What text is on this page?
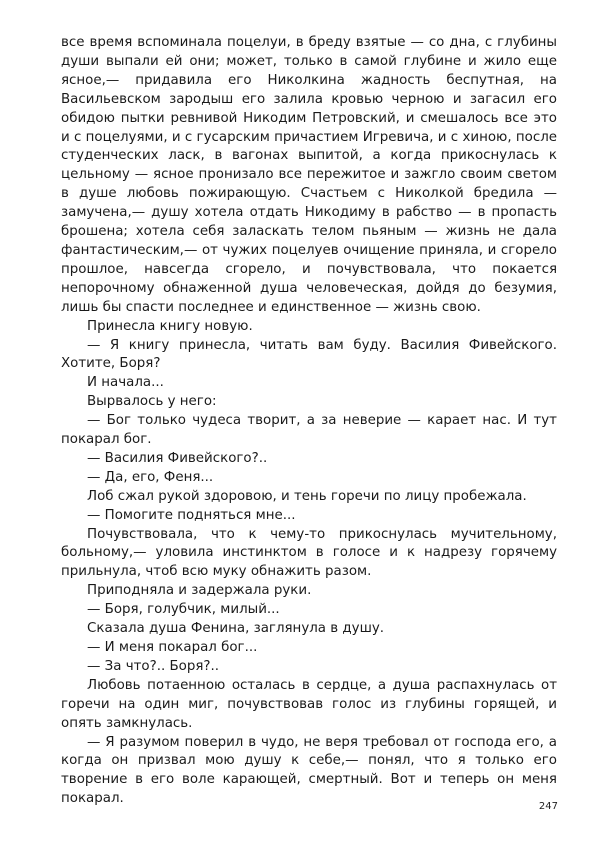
все время вспоминала поцелуи, в бреду взятые — со дна, с глубины души выпали ей они; может, только в самой глубине и жило еще ясное,— придавила его Николкина жадность беспутная, на Васильевском зародыш его залила кровью черною и загасил его обидою пытки ревнивой Никодим Петровский, и смешалось все это и с поцелуями, и с гусарским причастием Игревича, и с хиною, после студенческих ласк, в вагонах выпитой, а когда прикоснулась к цельному — ясное пронизало все пережитое и зажгло своим светом в душе любовь пожирающую. Счастьем с Николкой бредила — замучена,— душу хотела отдать Никодиму в рабство — в пропасть брошена; хотела себя заласкать телом пьяным — жизнь не дала фантастическим,— от чужих поцелуев очищение приняла, и сгорело прошлое, навсегда сгорело, и почувствовала, что покается непорочному обнаженной душа человеческая, дойдя до безумия, лишь бы спасти последнее и единственное — жизнь свою.

Принесла книгу новую.

— Я книгу принесла, читать вам буду. Василия Фивейского. Хотите, Боря?

И начала...

Вырвалось у него:

— Бог только чудеса творит, а за неверие — карает нас. И тут покарал бог.

— Василия Фивейского?..

— Да, его, Феня...

Лоб сжал рукой здоровою, и тень горечи по лицу пробежала.

— Помогите подняться мне...

Почувствовала, что к чему-то прикоснулась мучительному, больному,— уловила инстинктом в голосе и к надрезу горячему прильнула, чтоб всю муку обнажить разом.

Приподняла и задержала руки.

— Боря, голубчик, милый...

Сказала душа Фенина, заглянула в душу.

— И меня покарал бог...

— За что?.. Боря?..

Любовь потаенною осталась в сердце, а душа распахнулась от горечи на один миг, почувствовав голос из глубины горящей, и опять замкнулась.

— Я разумом поверил в чудо, не веря требовал от господа его, а когда он призвал мою душу к себе,— понял, что я только его творение в его воле карающей, смертный. Вот и теперь он меня покарал.

247
